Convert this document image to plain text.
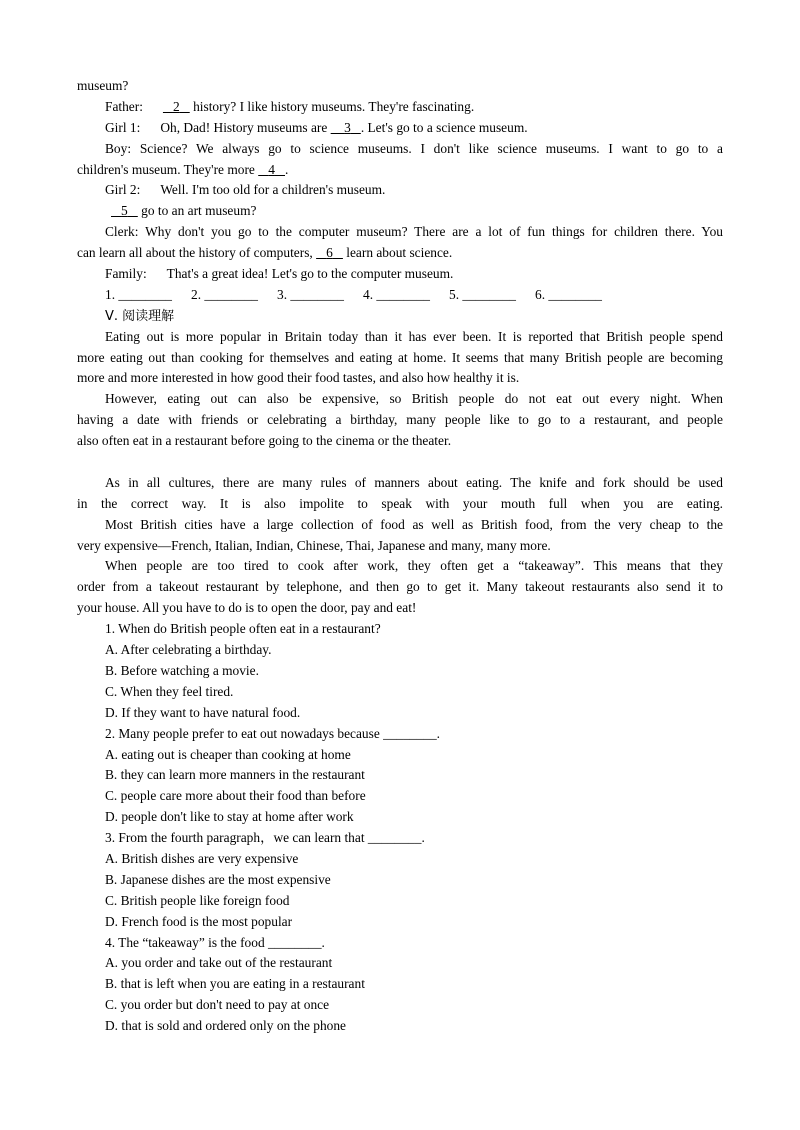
museum?
Father: 2    history? I like history museums. They're fascinating.
Girl 1: Oh, Dad! History museums are     3 . Let's go to a science museum.
Boy: Science? We always go to science museums. I don't like science museums. I want to go to a
children's museum. They're more    4 .
Girl 2: Well. I'm too old for a children's museum.
5    go to an art museum?
Clerk: Why don't you go to the computer museum? There are a lot of fun things for children there. You
can learn all about the history of computers,    6    learn about science.
Family: That's a great idea! Let's go to the computer museum.
1. ________ 2. ________ 3. ________ 4. ________ 5. ________ 6. ________
Ⅴ. 阅读理解
Eating out is more popular in Britain today than it has ever been. It is reported that British people spend
more eating out than cooking for themselves and eating at home. It seems that many British people are becoming
more and more interested in how good their food tastes, and also how healthy it is.
However, eating out can also be expensive, so British people do not eat out every night. When
having a date with friends or celebrating a birthday, many people like to go to a restaurant, and people
also often eat in a restaurant before going to the cinema or the theater.
As in all cultures, there are many rules of manners about eating. The knife and fork should be used
in the correct way. It is also impolite to speak with your mouth full when you are eating.
Most British cities have a large collection of food as well as British food, from the very cheap to the
very expensive—French, Italian, Indian, Chinese, Thai, Japanese and many, many more.
When people are too tired to cook after work, they often get a “takeaway”. This means that they
order from a takeout restaurant by telephone, and then go to get it. Many takeout restaurants also send it to
your house. All you have to do is to open the door, pay and eat!
1. When do British people often eat in a restaurant?
A. After celebrating a birthday.
B. Before watching a movie.
C. When they feel tired.
D. If they want to have natural food.
2. Many people prefer to eat out nowadays because ________.
A. eating out is cheaper than cooking at home
B. they can learn more manners in the restaurant
C. people care more about their food than before
D. people don't like to stay at home after work
3. From the fourth paragraph，we can learn that ________.
A. British dishes are very expensive
B. Japanese dishes are the most expensive
C. British people like foreign food
D. French food is the most popular
4. The “takeaway” is the food ________.
A. you order and take out of the restaurant
B. that is left when you are eating in a restaurant
C. you order but don't need to pay at once
D. that is sold and ordered only on the phone
